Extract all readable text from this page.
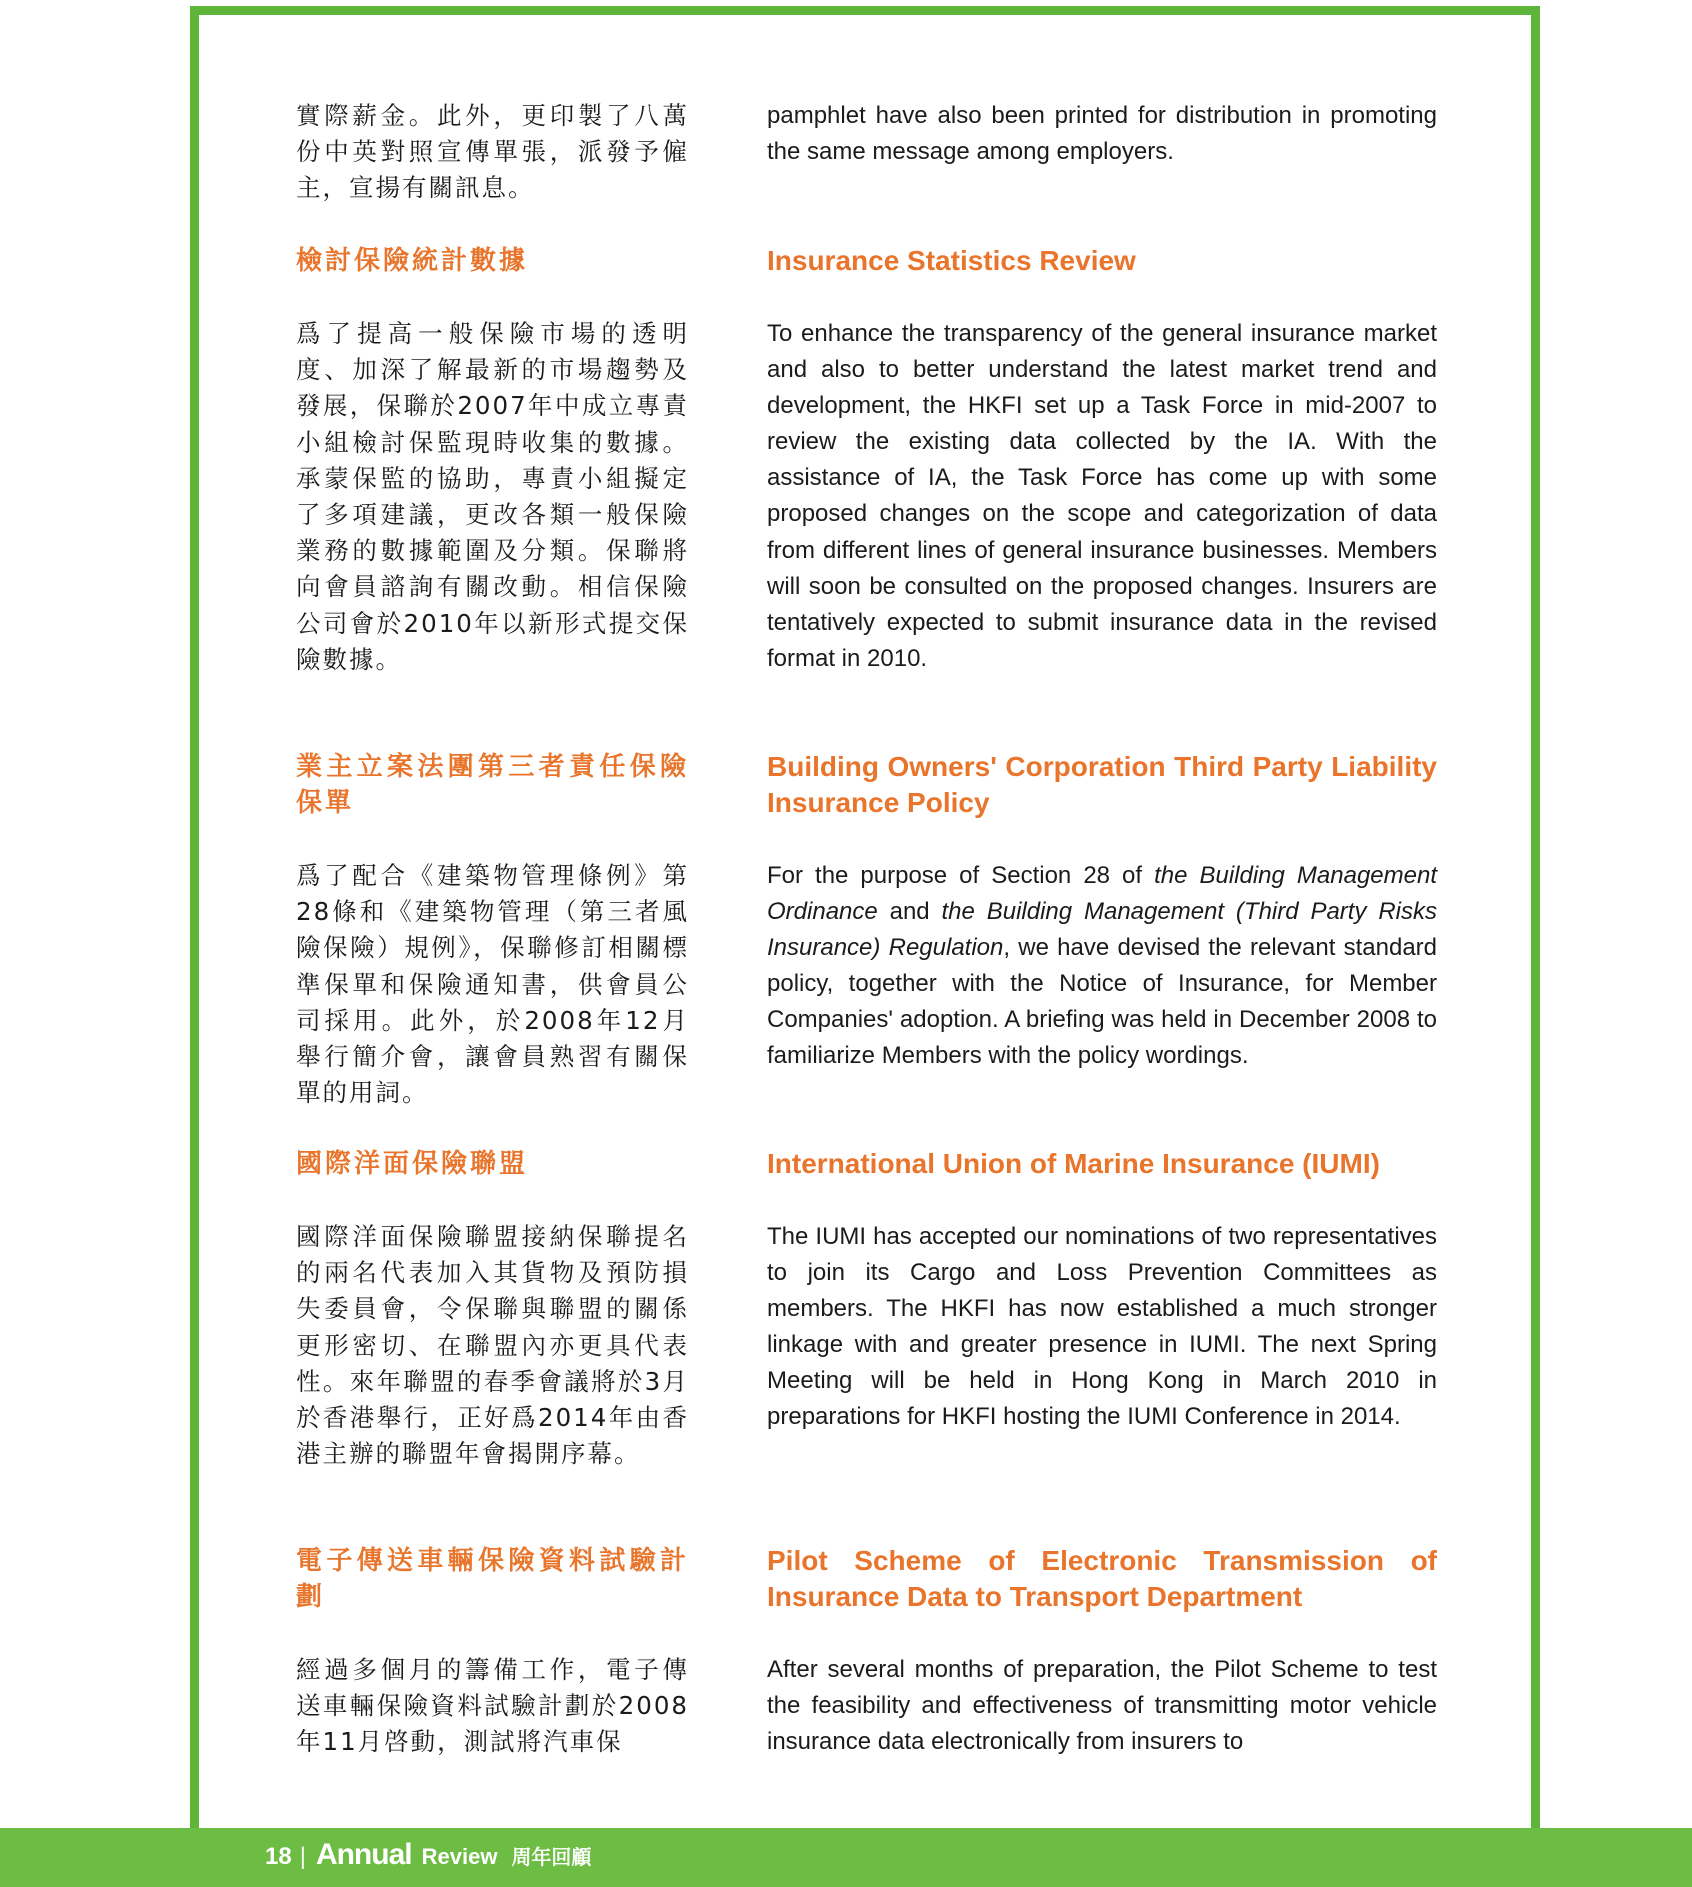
實際薪金。此外，更印製了八萬份中英對照宣傳單張，派發予僱主，宣揚有關訊息。
pamphlet have also been printed for distribution in promoting the same message among employers.
檢討保險統計數據	Insurance Statistics Review
爲了提高一般保險市場的透明度、加深了解最新的市場趨勢及發展，保聯於2007年中成立專責小組檢討保監現時收集的數據。承蒙保監的協助，專責小組擬定了多項建議，更改各類一般保險業務的數據範圍及分類。保聯將向會員諮詢有關改動。相信保險公司會於2010年以新形式提交保險數據。
To enhance the transparency of the general insurance market and also to better understand the latest market trend and development, the HKFI set up a Task Force in mid-2007 to review the existing data collected by the IA. With the assistance of IA, the Task Force has come up with some proposed changes on the scope and categorization of data from different lines of general insurance businesses. Members will soon be consulted on the proposed changes. Insurers are tentatively expected to submit insurance data in the revised format in 2010.
業主立案法團第三者責任保險保單
Building Owners' Corporation Third Party Liability Insurance Policy
爲了配合《建築物管理條例》第28條和《建築物管理（第三者風險保險）規例》，保聯修訂相關標準保單和保險通知書，供會員公司採用。此外，於2008年12月舉行簡介會，讓會員熟習有關保單的用詞。
For the purpose of Section 28 of the Building Management Ordinance and the Building Management (Third Party Risks Insurance) Regulation, we have devised the relevant standard policy, together with the Notice of Insurance, for Member Companies' adoption. A briefing was held in December 2008 to familiarize Members with the policy wordings.
國際洋面保險聯盟	International Union of Marine Insurance (IUMI)
國際洋面保險聯盟接納保聯提名的兩名代表加入其貨物及預防損失委員會，令保聯與聯盟的關係更形密切、在聯盟內亦更具代表性。來年聯盟的春季會議將於3月於香港舉行，正好爲2014年由香港主辦的聯盟年會揭開序幕。
The IUMI has accepted our nominations of two representatives to join its Cargo and Loss Prevention Committees as members. The HKFI has now established a much stronger linkage with and greater presence in IUMI. The next Spring Meeting will be held in Hong Kong in March 2010 in preparations for HKFI hosting the IUMI Conference in 2014.
電子傳送車輛保險資料試驗計劃
Pilot Scheme of Electronic Transmission of Insurance Data to Transport Department
經過多個月的籌備工作，電子傳送車輛保險資料試驗計劃於2008年11月啓動，測試將汽車保
After several months of preparation, the Pilot Scheme to test the feasibility and effectiveness of transmitting motor vehicle insurance data electronically from insurers to
18 | Annual Review 周年回顧
